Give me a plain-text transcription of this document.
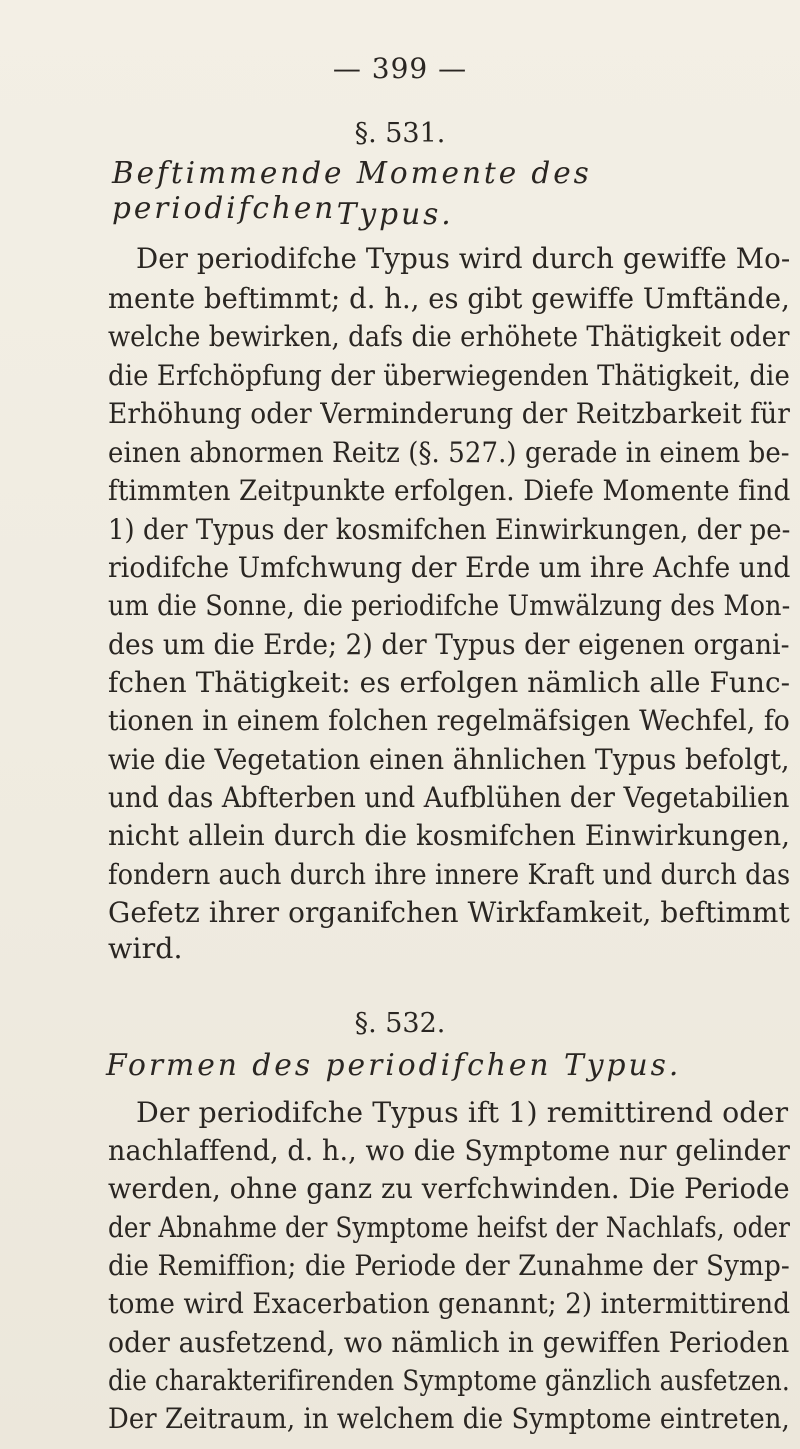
— 399 —
§. 531.
Beftimmende Momente des periodifchen Typus.
Der periodifche Typus wird durch gewiffe Mo-
mente beftimmt; d. h., es gibt gewiffe Umftände,
welche bewirken, dafs die erhöhete Thätigkeit oder
die Erfchöpfung der überwiegenden Thätigkeit, die
Erhöhung oder Verminderung der Reitzbarkeit für
einen abnormen Reitz (§. 527.) gerade in einem be-
ftimmten Zeitpunkte erfolgen. Diefe Momente find
1) der Typus der kosmifchen Einwirkungen, der pe-
riodifche Umfchwung der Erde um ihre Achfe und
um die Sonne, die periodifche Umwälzung des Mon-
des um die Erde; 2) der Typus der eigenen organi-
fchen Thätigkeit: es erfolgen nämlich alle Func-
tionen in einem folchen regelmäfsigen Wechfel, fo
wie die Vegetation einen ähnlichen Typus befolgt,
und das Abfterben und Aufblühen der Vegetabilien
nicht allein durch die kosmifchen Einwirkungen,
fondern auch durch ihre innere Kraft und durch das
Gefetz ihrer organifchen Wirkfamkeit, beftimmt
wird.
§. 532.
Formen des periodifchen Typus.
Der periodifche Typus ift 1) remittirend oder
nachlaffend, d. h., wo die Symptome nur gelinder
werden, ohne ganz zu verfchwinden. Die Periode
der Abnahme der Symptome heifst der Nachlafs, oder
die Remiffion; die Periode der Zunahme der Symp-
tome wird Exacerbation genannt; 2) intermittirend
oder ausfetzend, wo nämlich in gewiffen Perioden
die charakterifirenden Symptome gänzlich ausfetzen.
Der Zeitraum, in welchem die Symptome eintreten,
